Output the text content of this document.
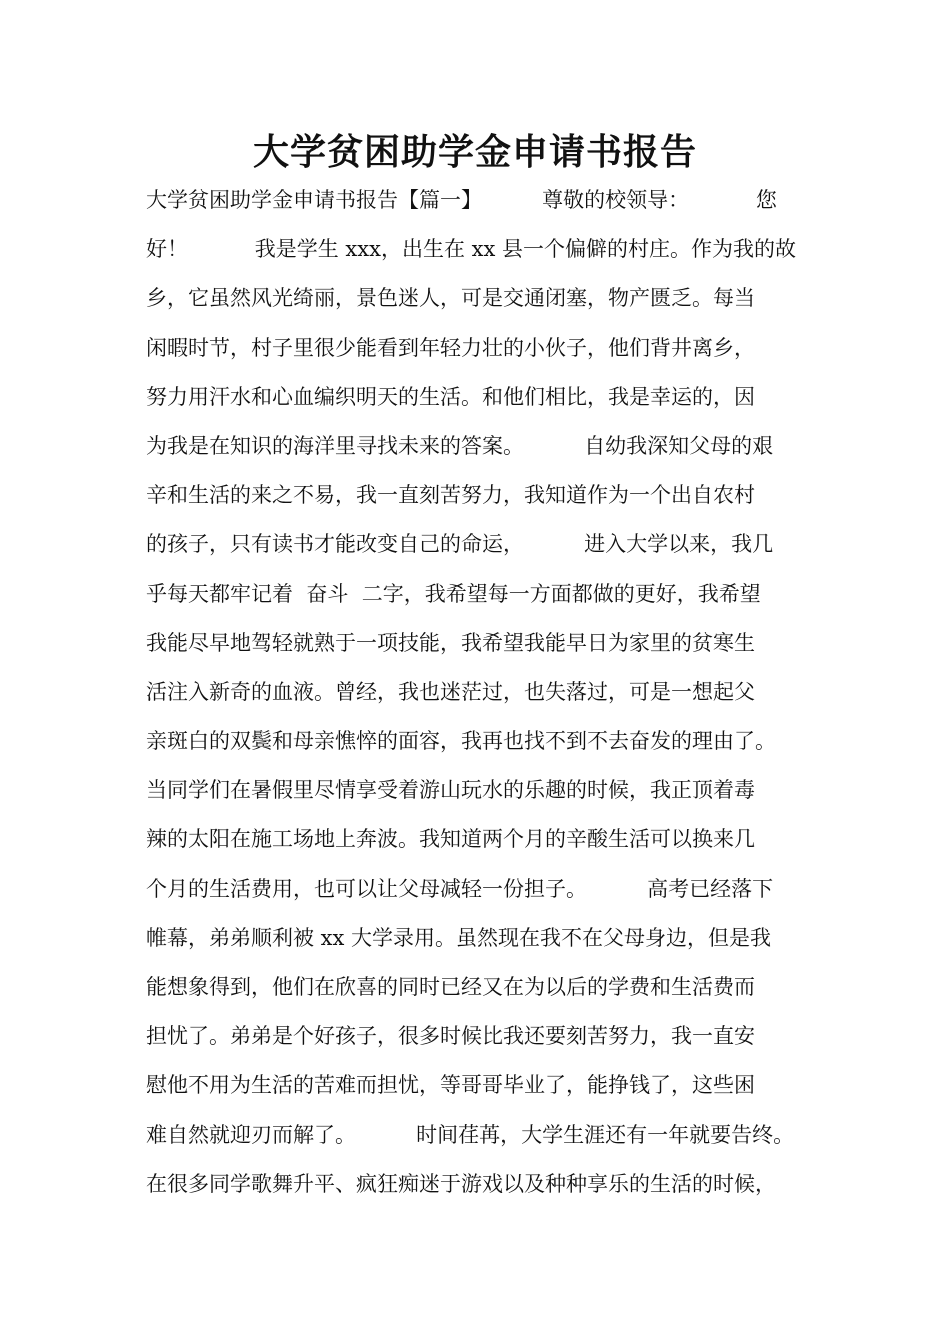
大学贫困助学金申请书报告
大学贫困助学金申请书报告【篇一】         尊敬的校领导：          您
好！          我是学生 xxx，出生在 xx 县一个偏僻的村庄。作为我的故
乡，它虽然风光绮丽，景色迷人，可是交通闭塞，物产匮乏。每当
闲暇时节，村子里很少能看到年轻力壮的小伙子，他们背井离乡，
努力用汗水和心血编织明天的生活。和他们相比，我是幸运的，因
为我是在知识的海洋里寻找未来的答案。         自幼我深知父母的艰
辛和生活的来之不易，我一直刻苦努力，我知道作为一个出自农村
的孩子，只有读书才能改变自己的命运，         进入大学以来，我几
乎每天都牢记着  奋斗  二字，我希望每一方面都做的更好，我希望
我能尽早地驾轻就熟于一项技能，我希望我能早日为家里的贫寒生
活注入新奇的血液。曾经，我也迷茫过，也失落过，可是一想起父
亲斑白的双鬓和母亲憔悴的面容，我再也找不到不去奋发的理由了。
当同学们在暑假里尽情享受着游山玩水的乐趣的时候，我正顶着毒
辣的太阳在施工场地上奔波。我知道两个月的辛酸生活可以换来几
个月的生活费用，也可以让父母减轻一份担子。         高考已经落下
帷幕，弟弟顺利被 xx 大学录用。虽然现在我不在父母身边，但是我
能想象得到，他们在欣喜的同时已经又在为以后的学费和生活费而
担忧了。弟弟是个好孩子，很多时候比我还要刻苦努力，我一直安
慰他不用为生活的苦难而担忧，等哥哥毕业了，能挣钱了，这些困
难自然就迎刃而解了。         时间荏苒，大学生涯还有一年就要告终。
在很多同学歌舞升平、疯狂痴迷于游戏以及种种享乐的生活的时候，
